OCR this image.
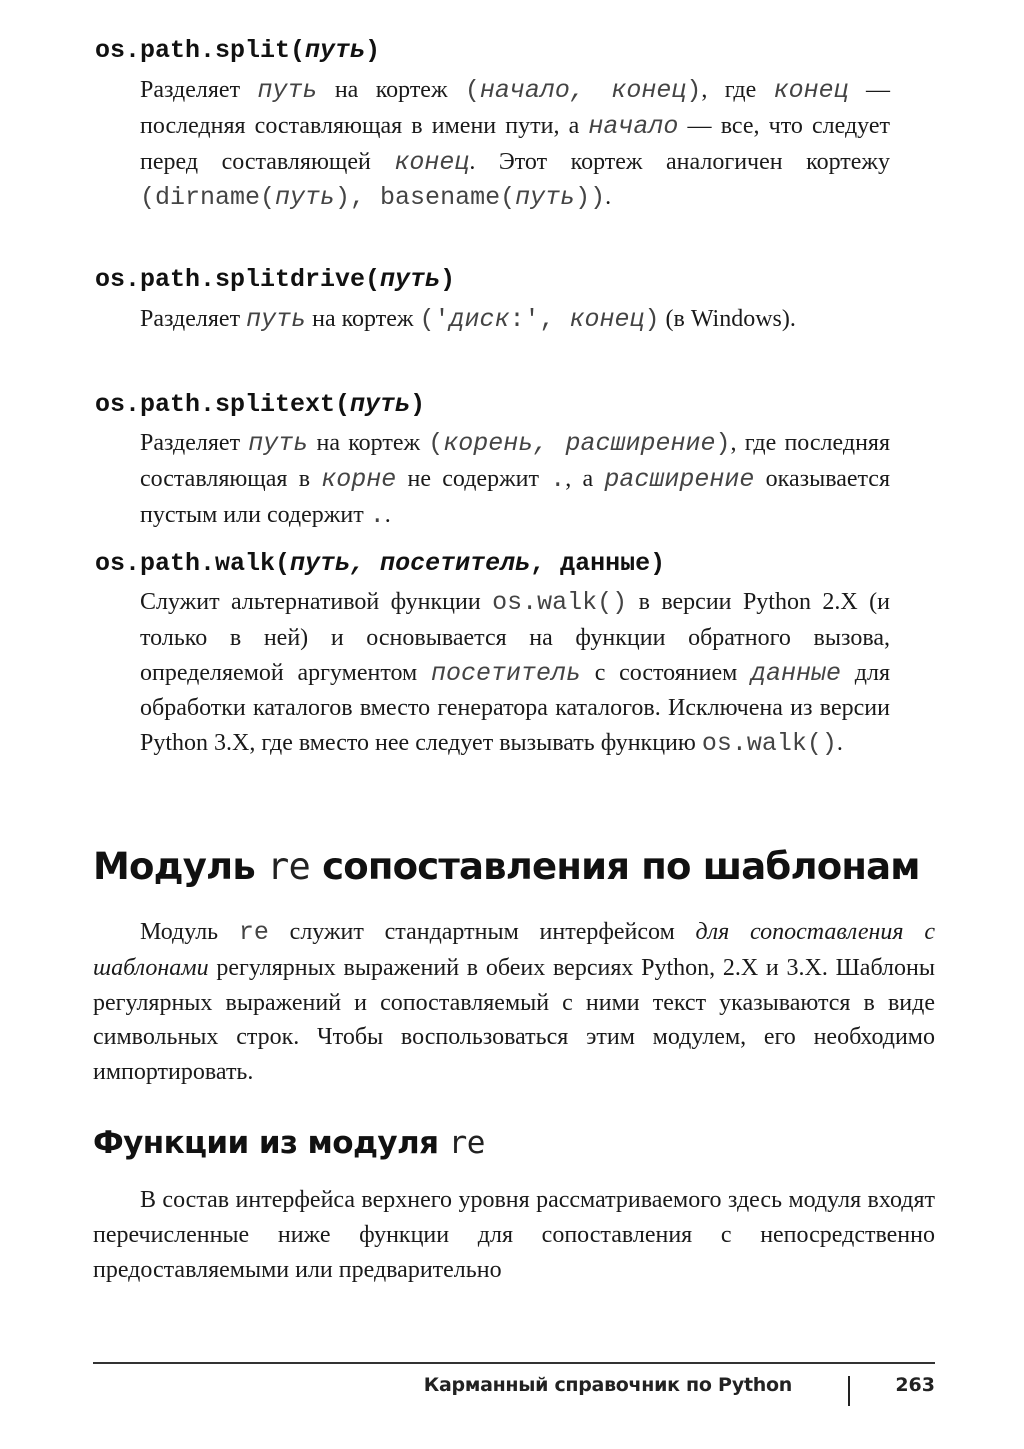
os.path.split(путь)
Разделяет путь на кортеж (начало, конец), где конец — последняя составляющая в имени пути, а начало — все, что следует перед составляющей конец. Этот кортеж аналогичен кортежу (dirname(путь), basename(путь)).
os.path.splitdrive(путь)
Разделяет путь на кортеж ('диск:', конец) (в Windows).
os.path.splitext(путь)
Разделяет путь на кортеж (корень, расширение), где последняя составляющая в корне не содержит ., а расширение оказывается пустым или содержит ..
os.path.walk(путь, посетитель, данные)
Служит альтернативой функции os.walk() в версии Python 2.X (и только в ней) и основывается на функции обратного вызова, определяемой аргументом посетитель с состоянием данные для обработки каталогов вместо генератора каталогов. Исключена из версии Python 3.X, где вместо нее следует вызывать функцию os.walk().
Модуль re сопоставления по шаблонам
Модуль re служит стандартным интерфейсом для сопоставления с шаблонами регулярных выражений в обеих версиях Python, 2.X и 3.X. Шаблоны регулярных выражений и сопоставляемый с ними текст указываются в виде символьных строк. Чтобы воспользоваться этим модулем, его необходимо импортировать.
Функции из модуля re
В состав интерфейса верхнего уровня рассматриваемого здесь модуля входят перечисленные ниже функции для сопоставления с непосредственно предоставляемыми или предварительно
Карманный справочник по Python	263
